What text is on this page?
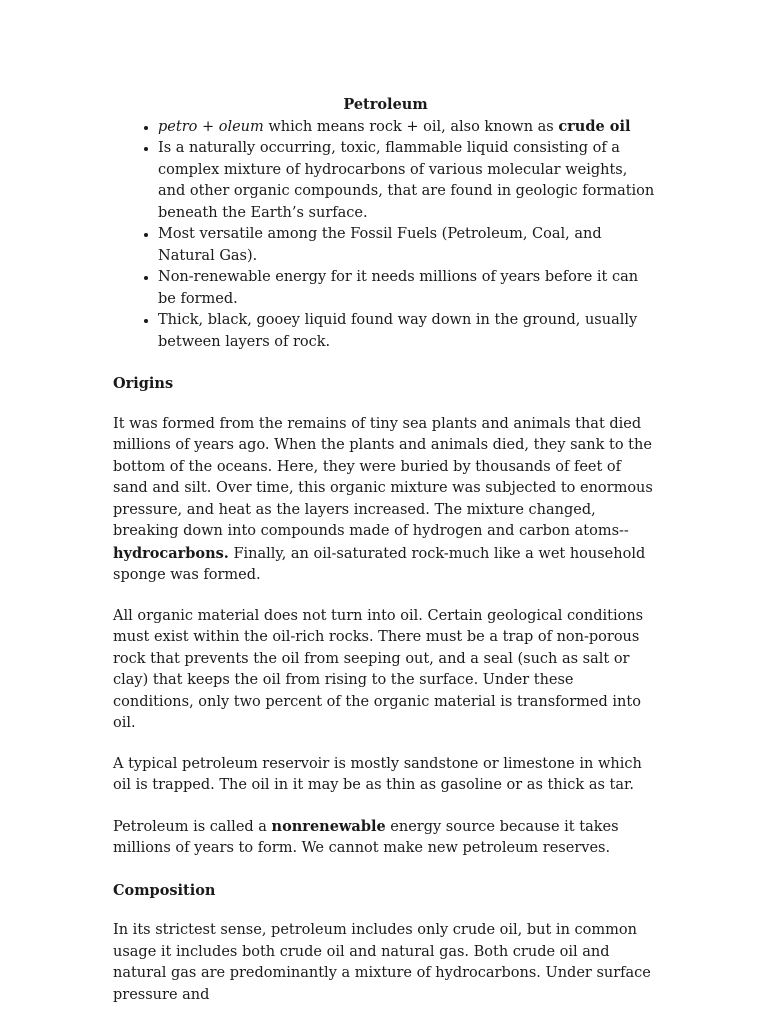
Petroleum

• petro + oleum which means rock + oil, also known as crude oil
• Is a naturally occurring, toxic, flammable liquid consisting of a complex mixture of hydrocarbons of various molecular weights, and other organic compounds, that are found in geologic formation beneath the Earth’s surface.
• Most versatile among the Fossil Fuels (Petroleum, Coal, and Natural Gas).
• Non-renewable energy for it needs millions of years before it can be formed.
• Thick, black, gooey liquid found way down in the ground, usually between layers of rock.
Origins

It was formed from the remains of tiny sea plants and animals that died millions of years ago. When the plants and animals died, they sank to the bottom of the oceans. Here, they were buried by thousands of feet of sand and silt. Over time, this organic mixture was subjected to enormous pressure, and heat as the layers increased. The mixture changed, breaking down into compounds made of hydrogen and carbon atoms--hydrocarbons. Finally, an oil-saturated rock-much like a wet household sponge was formed.

All organic material does not turn into oil. Certain geological conditions must exist within the oil-rich rocks. There must be a trap of non-porous rock that prevents the oil from seeping out, and a seal (such as salt or clay) that keeps the oil from rising to the surface. Under these conditions, only two percent of the organic material is transformed into oil.

A typical petroleum reservoir is mostly sandstone or limestone in which oil is trapped. The oil in it may be as thin as gasoline or as thick as tar.

Petroleum is called a nonrenewable energy source because it takes millions of years to form. We cannot make new petroleum reserves.

Composition

In its strictest sense, petroleum includes only crude oil, but in common usage it includes both crude oil and natural gas. Both crude oil and natural gas are predominantly a mixture of hydrocarbons. Under surface pressure and
